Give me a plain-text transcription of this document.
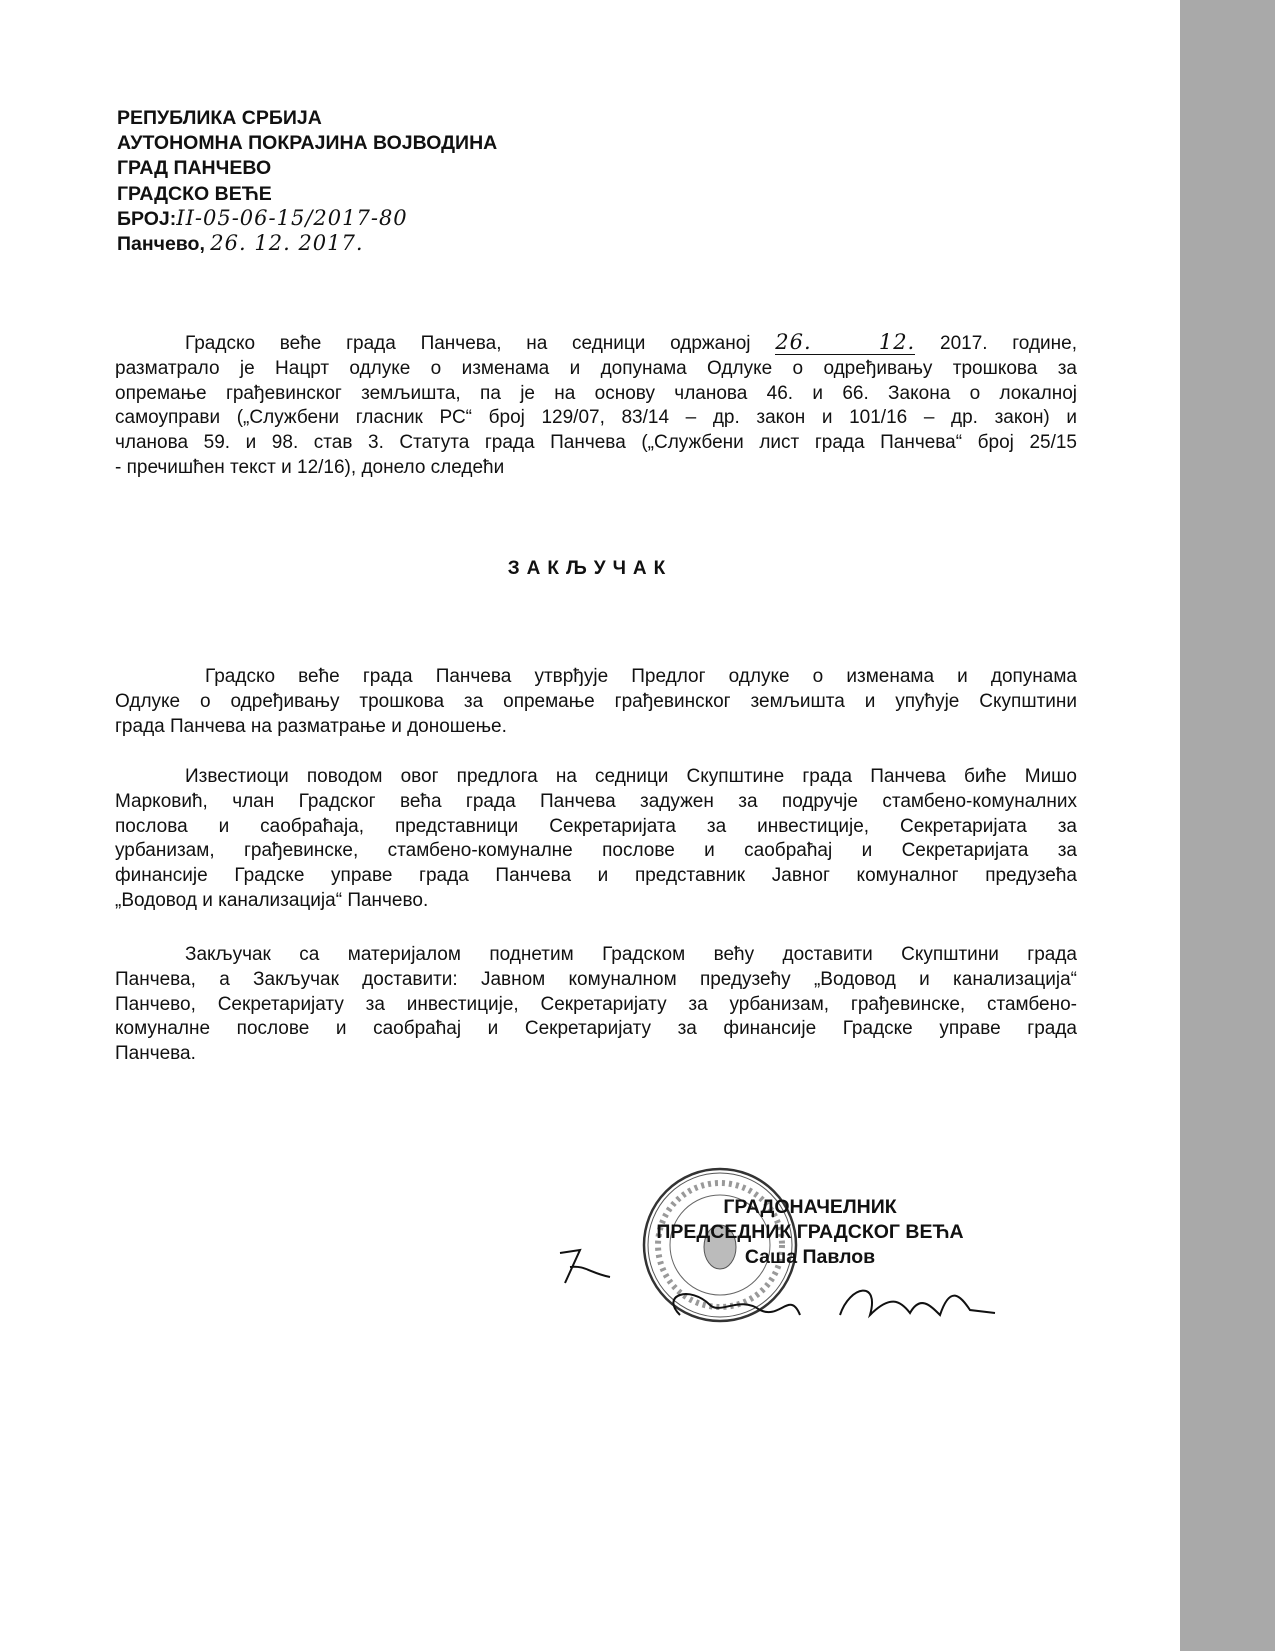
РЕПУБЛИКА СРБИЈА
АУТОНОМНА ПОКРАЈИНА ВОЈВОДИНА
ГРАД ПАНЧЕВО
ГРАДСКО ВЕЋЕ
БРОЈ:II-05-06-15/2017-80
Панчево, 26. 12. 2017.
Градско веће града Панчева, на седници одржаној 26. 12. 2017. године,
разматрало је Нацрт одлуке о изменама и допунама Одлуке о одређивању трошкова за
опремање грађевинског земљишта, па је на основу чланова 46. и 66. Закона о локалној
самоуправи („Службени гласник РС“ број 129/07, 83/14 – др. закон и 101/16 – др. закон) и
чланова 59. и 98. став 3. Статута града Панчева („Службени лист града Панчева“ број 25/15
- пречишћен текст и 12/16), донело следећи
ЗАКЉУЧАК
Градско веће града Панчева утврђује Предлог одлуке о изменама и допунама
Одлуке о одређивању трошкова за опремање грађевинског земљишта и упућује Скупштини
града Панчева на разматрање и доношење.
Известиоци поводом овог предлога на седници Скупштине града Панчева биће Мишо
Марковић, члан Градског већа града Панчева задужен за подручје стамбено-комуналних
послова и саобраћаја, представници Секретаријата за инвестиције, Секретаријата за
урбанизам, грађевинске, стамбено-комуналне послове и саобраћај и Секретаријата за
финансије Градске управе града Панчева и представник Јавног комуналног предузећа
„Водовод и канализација“ Панчево.
Закључак са материјалом поднетим Градском већу доставити Скупштини града
Панчева, а Закључак доставити: Јавном комуналном предузећу „Водовод и канализација“
Панчево, Секретаријату за инвестиције, Секретаријату за урбанизам, грађевинске, стамбено-
комуналне послове и саобраћај и Секретаријату за финансије Градске управе града
Панчева.
ГРАДОНАЧЕЛНИК
ПРЕДСЕДНИК ГРАДСКОГ ВЕЋА
Саша Павлов
